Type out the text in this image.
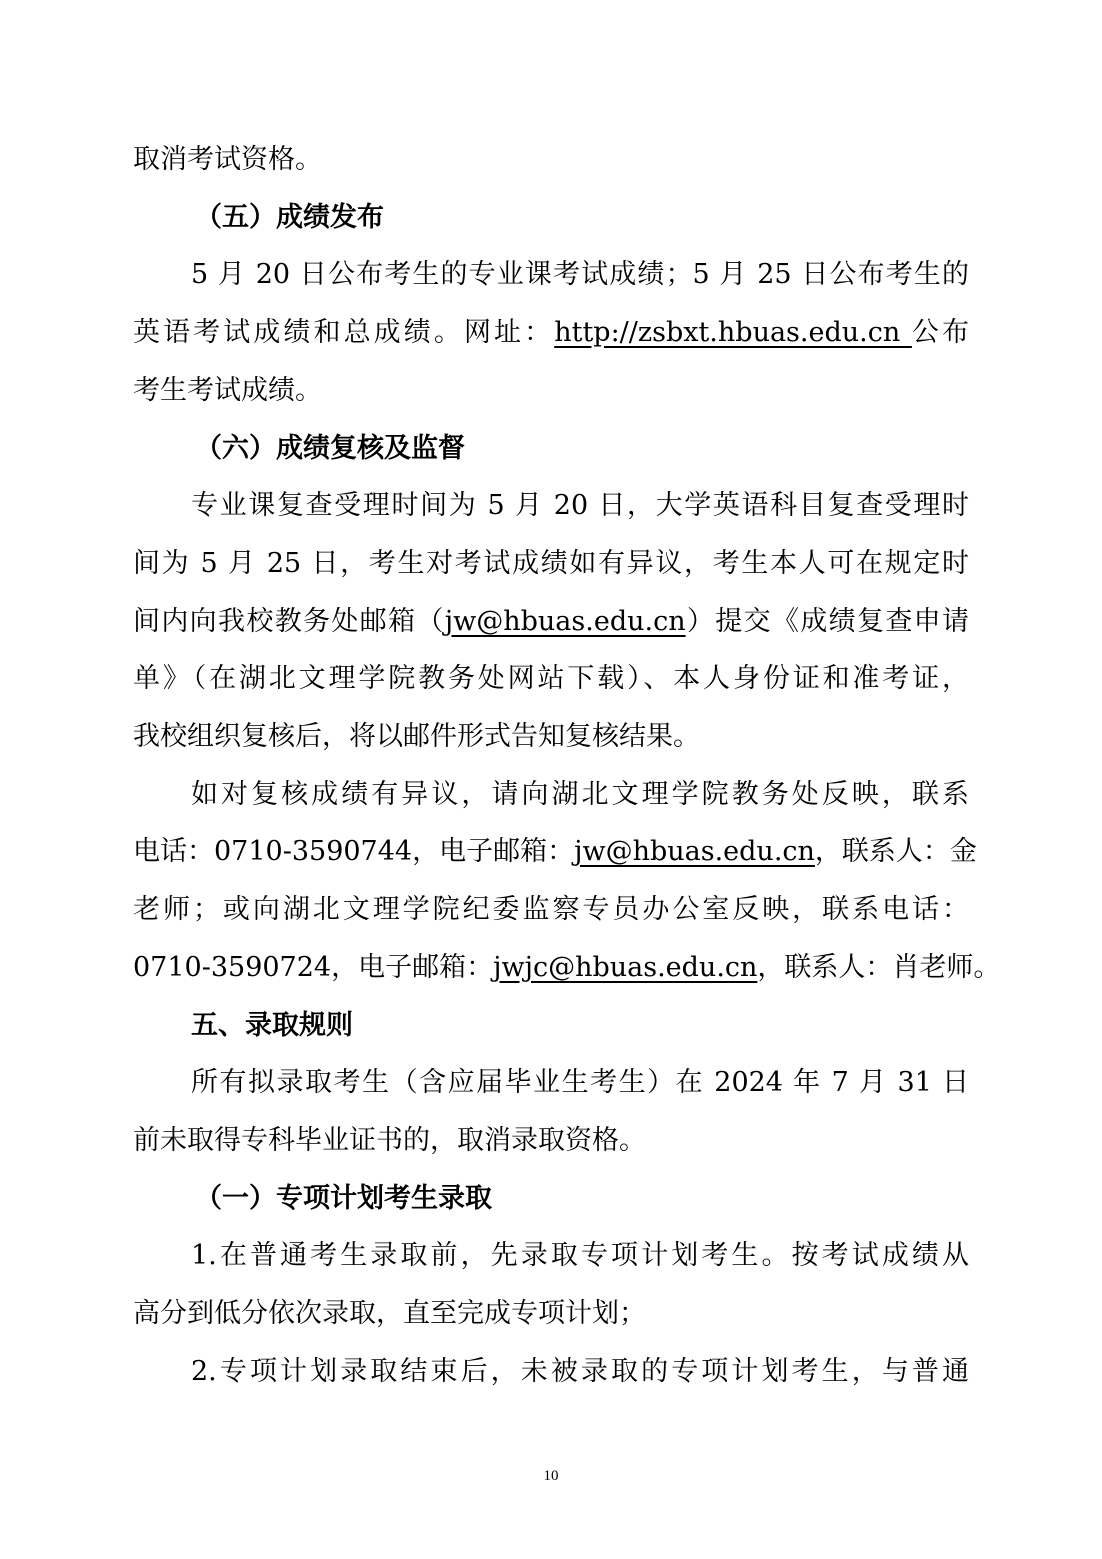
取消考试资格。
（五）成绩发布
5 月 20 日公布考生的专业课考试成绩；5 月 25 日公布考生的
英语考试成绩和总成绩。网址：http://zsbxt.hbuas.edu.cn 公布
考生考试成绩。
（六）成绩复核及监督
专业课复查受理时间为 5 月 20 日，大学英语科目复查受理时
间为 5 月 25 日，考生对考试成绩如有异议，考生本人可在规定时
间内向我校教务处邮箱（jw@hbuas.edu.cn）提交《成绩复查申请
单》（在湖北文理学院教务处网站下载）、本人身份证和准考证，
我校组织复核后，将以邮件形式告知复核结果。
如对复核成绩有异议，请向湖北文理学院教务处反映，联系
电话：0710-3590744，电子邮箱：jw@hbuas.edu.cn，联系人：金
老师；或向湖北文理学院纪委监察专员办公室反映，联系电话：
0710-3590724，电子邮箱：jwjc@hbuas.edu.cn，联系人：肖老师。
五、录取规则
所有拟录取考生（含应届毕业生考生）在 2024 年 7 月 31 日
前未取得专科毕业证书的，取消录取资格。
（一）专项计划考生录取
1.在普通考生录取前，先录取专项计划考生。按考试成绩从
高分到低分依次录取，直至完成专项计划；
2.专项计划录取结束后，未被录取的专项计划考生，与普通
10
